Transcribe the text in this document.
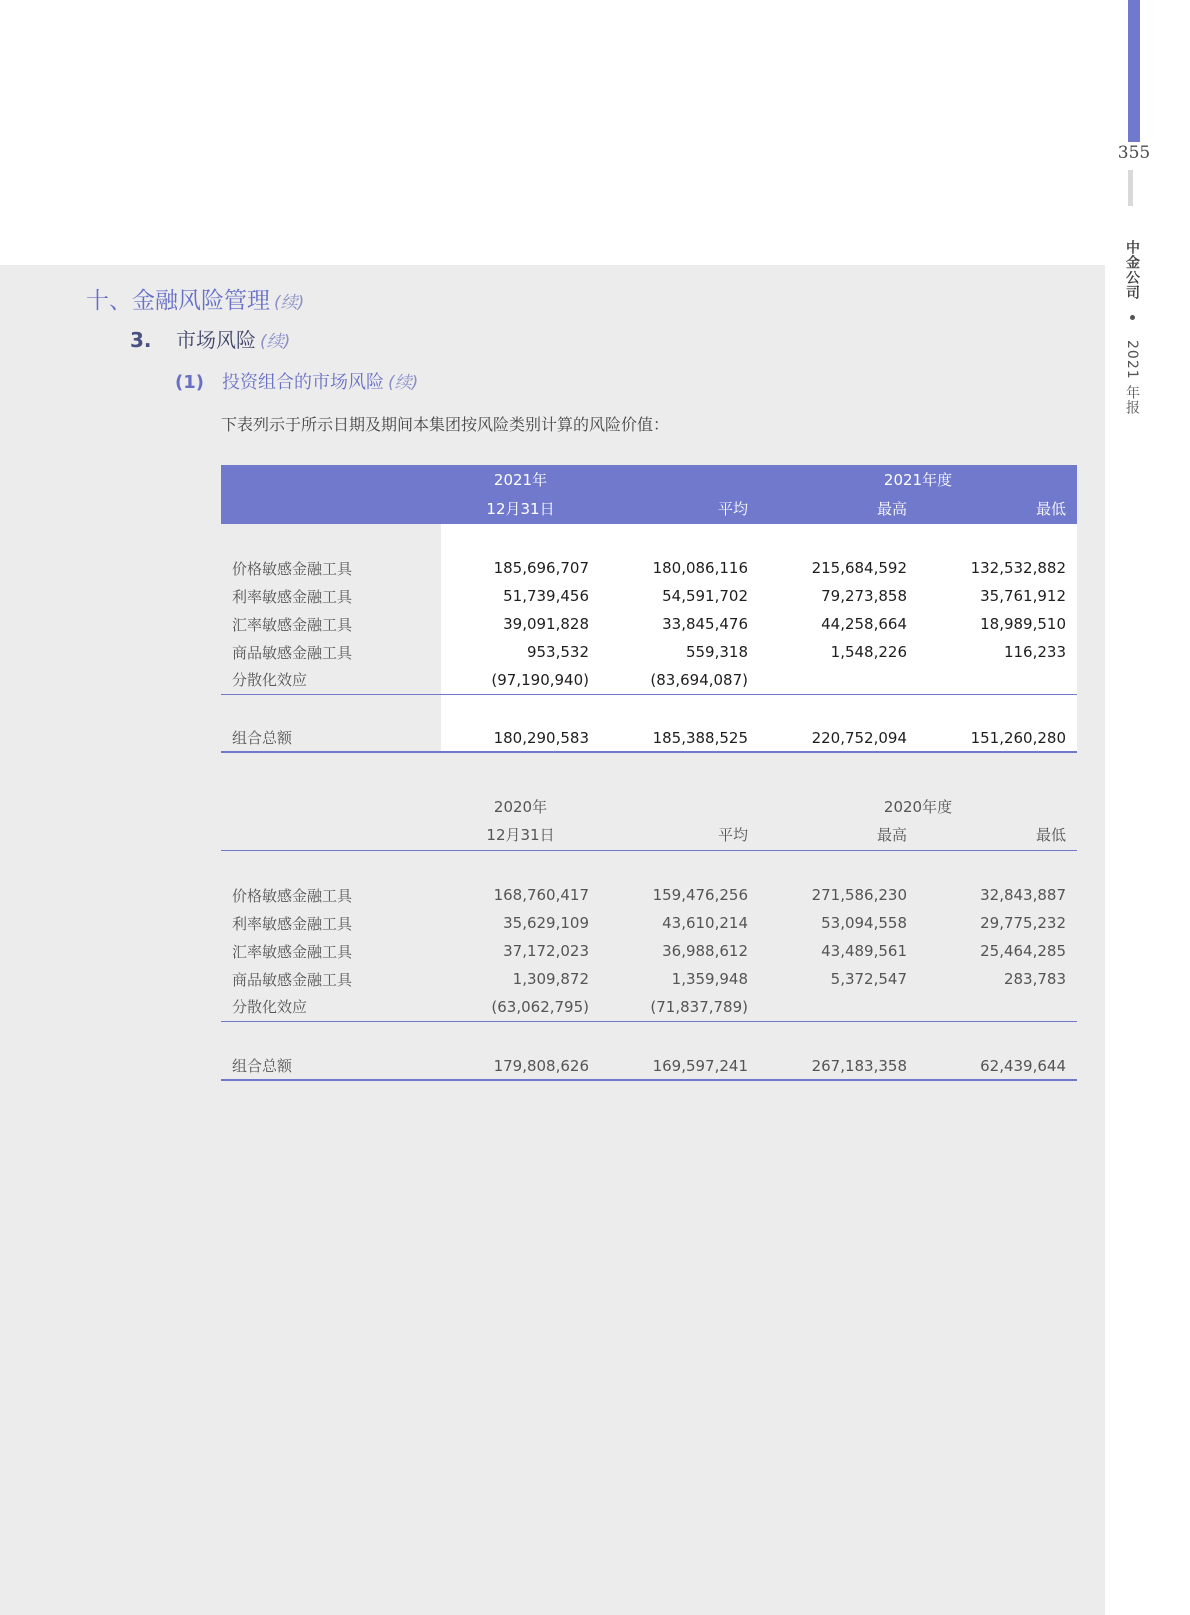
355
中金公司  2021 年报
十、金融风险管理 (续)
3. 市场风险 (续)
(1) 投资组合的市场风险 (续)
下表列示于所示日期及期间本集团按风险类别计算的风险价值：
	2021年		2021年度	
	12月31日	平均	最高	最低

价格敏感金融工具	185,696,707	180,086,116	215,684,592	132,532,882
利率敏感金融工具	51,739,456	54,591,702	79,273,858	35,761,912
汇率敏感金融工具	39,091,828	33,845,476	44,258,664	18,989,510
商品敏感金融工具	953,532	559,318	1,548,226	116,233
分散化效应	(97,190,940)	(83,694,087)		

组合总额	180,290,583	185,388,525	220,752,094	151,260,280
	2020年		2020年度	
	12月31日	平均	最高	最低

价格敏感金融工具	168,760,417	159,476,256	271,586,230	32,843,887
利率敏感金融工具	35,629,109	43,610,214	53,094,558	29,775,232
汇率敏感金融工具	37,172,023	36,988,612	43,489,561	25,464,285
商品敏感金融工具	1,309,872	1,359,948	5,372,547	283,783
分散化效应	(63,062,795)	(71,837,789)		

组合总额	179,808,626	169,597,241	267,183,358	62,439,644
